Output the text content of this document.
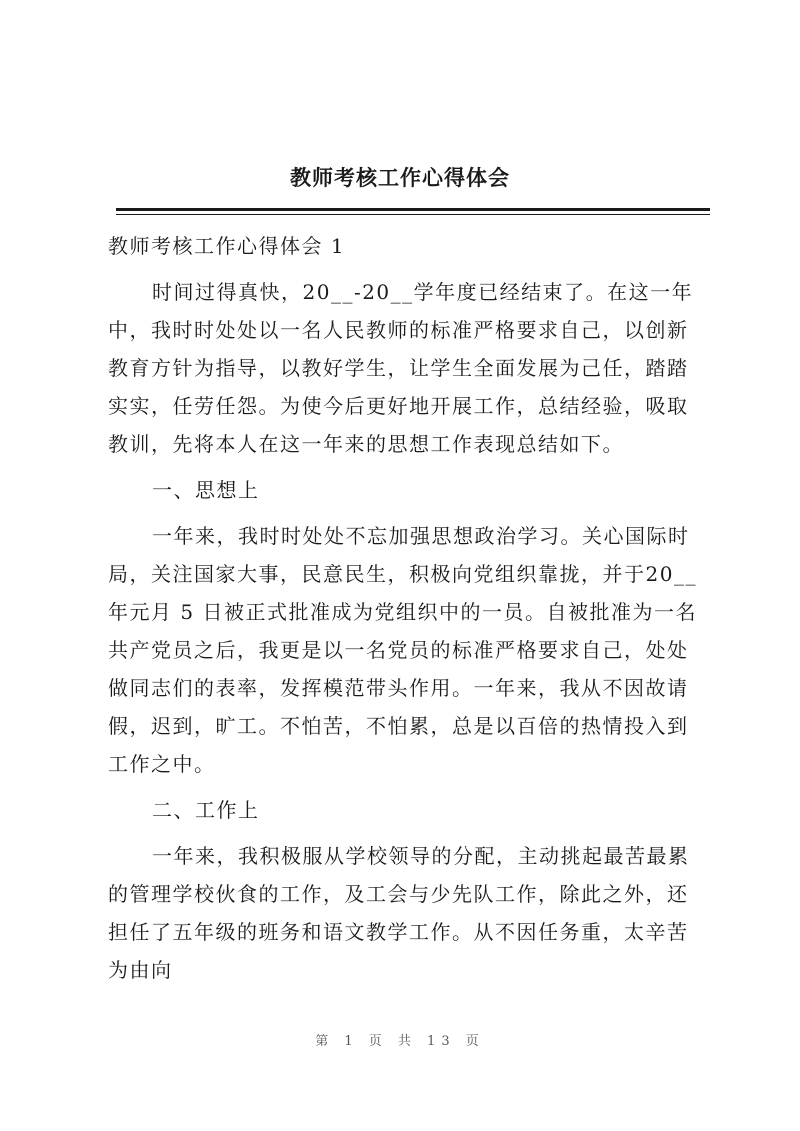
教师考核工作心得体会

教师考核工作心得体会 1

时间过得真快，20__-20__学年度已经结束了。在这一年中，我时时处处以一名人民教师的标准严格要求自己，以创新教育方针为指导，以教好学生，让学生全面发展为己任，踏踏实实，任劳任怨。为使今后更好地开展工作，总结经验，吸取教训，先将本人在这一年来的思想工作表现总结如下。

一、思想上

一年来，我时时处处不忘加强思想政治学习。关心国际时局，关注国家大事，民意民生，积极向党组织靠拢，并于20__年元月 5 日被正式批准成为党组织中的一员。自被批准为一名共产党员之后，我更是以一名党员的标准严格要求自己，处处做同志们的表率，发挥模范带头作用。一年来，我从不因故请假，迟到，旷工。不怕苦，不怕累，总是以百倍的热情投入到工作之中。

二、工作上

一年来，我积极服从学校领导的分配，主动挑起最苦最累的管理学校伙食的工作，及工会与少先队工作，除此之外，还担任了五年级的班务和语文教学工作。从不因任务重，太辛苦为由向

第 1 页 共 13 页
